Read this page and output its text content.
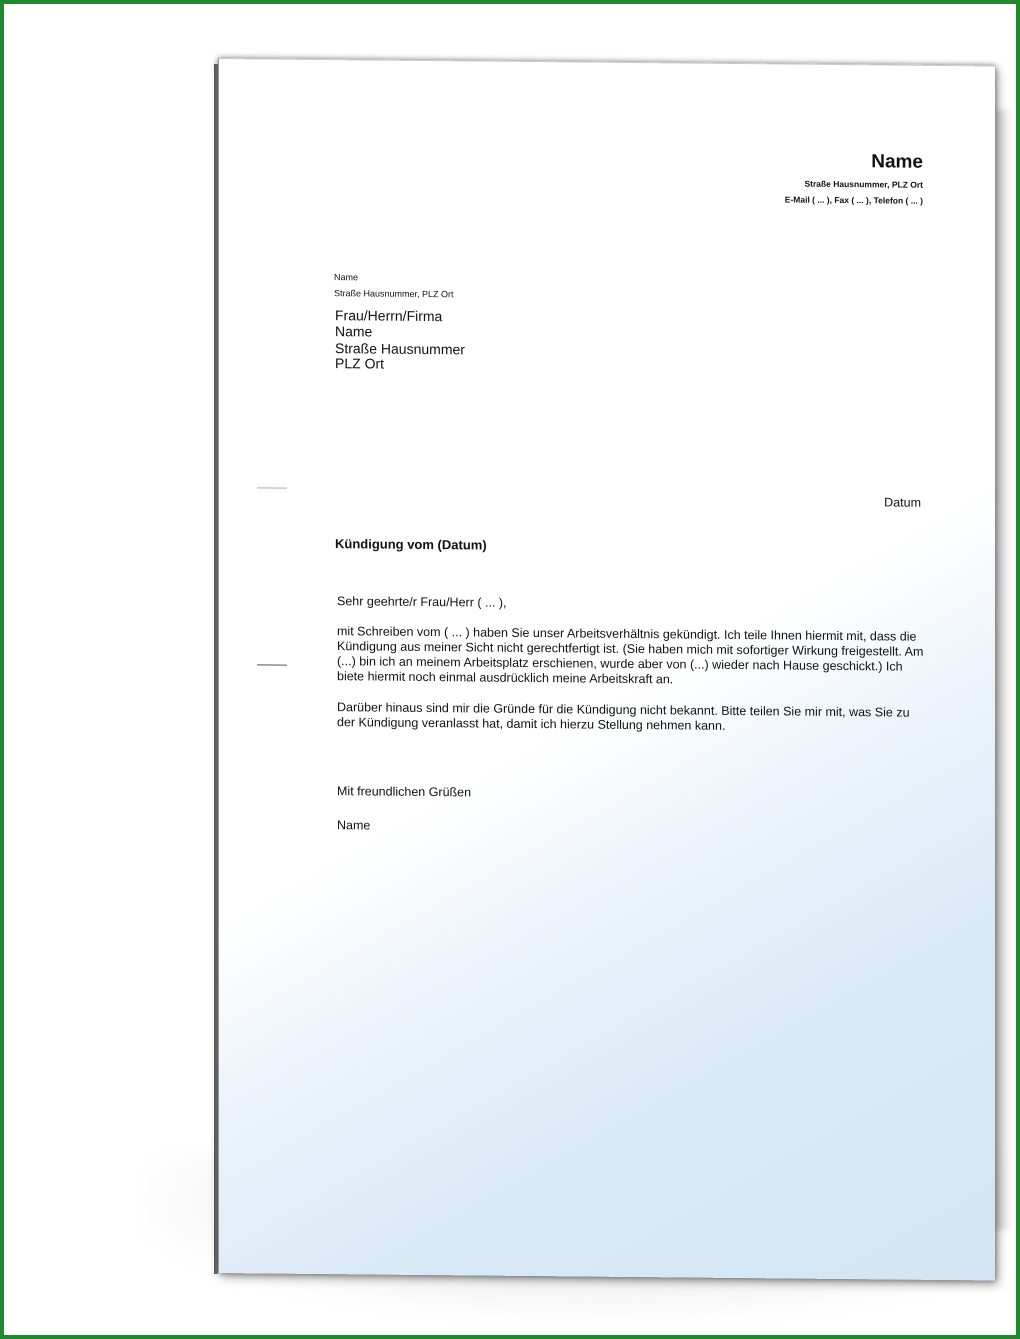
Name
Straße Hausnummer, PLZ Ort
E-Mail ( ... ), Fax ( ... ), Telefon ( ... )
Name
Straße Hausnummer, PLZ Ort
Frau/Herrn/Firma
Name
Straße Hausnummer
PLZ Ort
Datum
Kündigung vom (Datum)
Sehr geehrte/r Frau/Herr ( ... ),
mit Schreiben vom ( ... ) haben Sie unser Arbeitsverhältnis gekündigt. Ich teile Ihnen hiermit mit, dass die Kündigung aus meiner Sicht nicht gerechtfertigt ist. (Sie haben mich mit sofortiger Wirkung freigestellt. Am (...) bin ich an meinem Arbeitsplatz erschienen, wurde aber von (...) wieder nach Hause geschickt.) Ich biete hiermit noch einmal ausdrücklich meine Arbeitskraft an.
Darüber hinaus sind mir die Gründe für die Kündigung nicht bekannt. Bitte teilen Sie mir mit, was Sie zu der Kündigung veranlasst hat, damit ich hierzu Stellung nehmen kann.
Mit freundlichen Grüßen
Name
